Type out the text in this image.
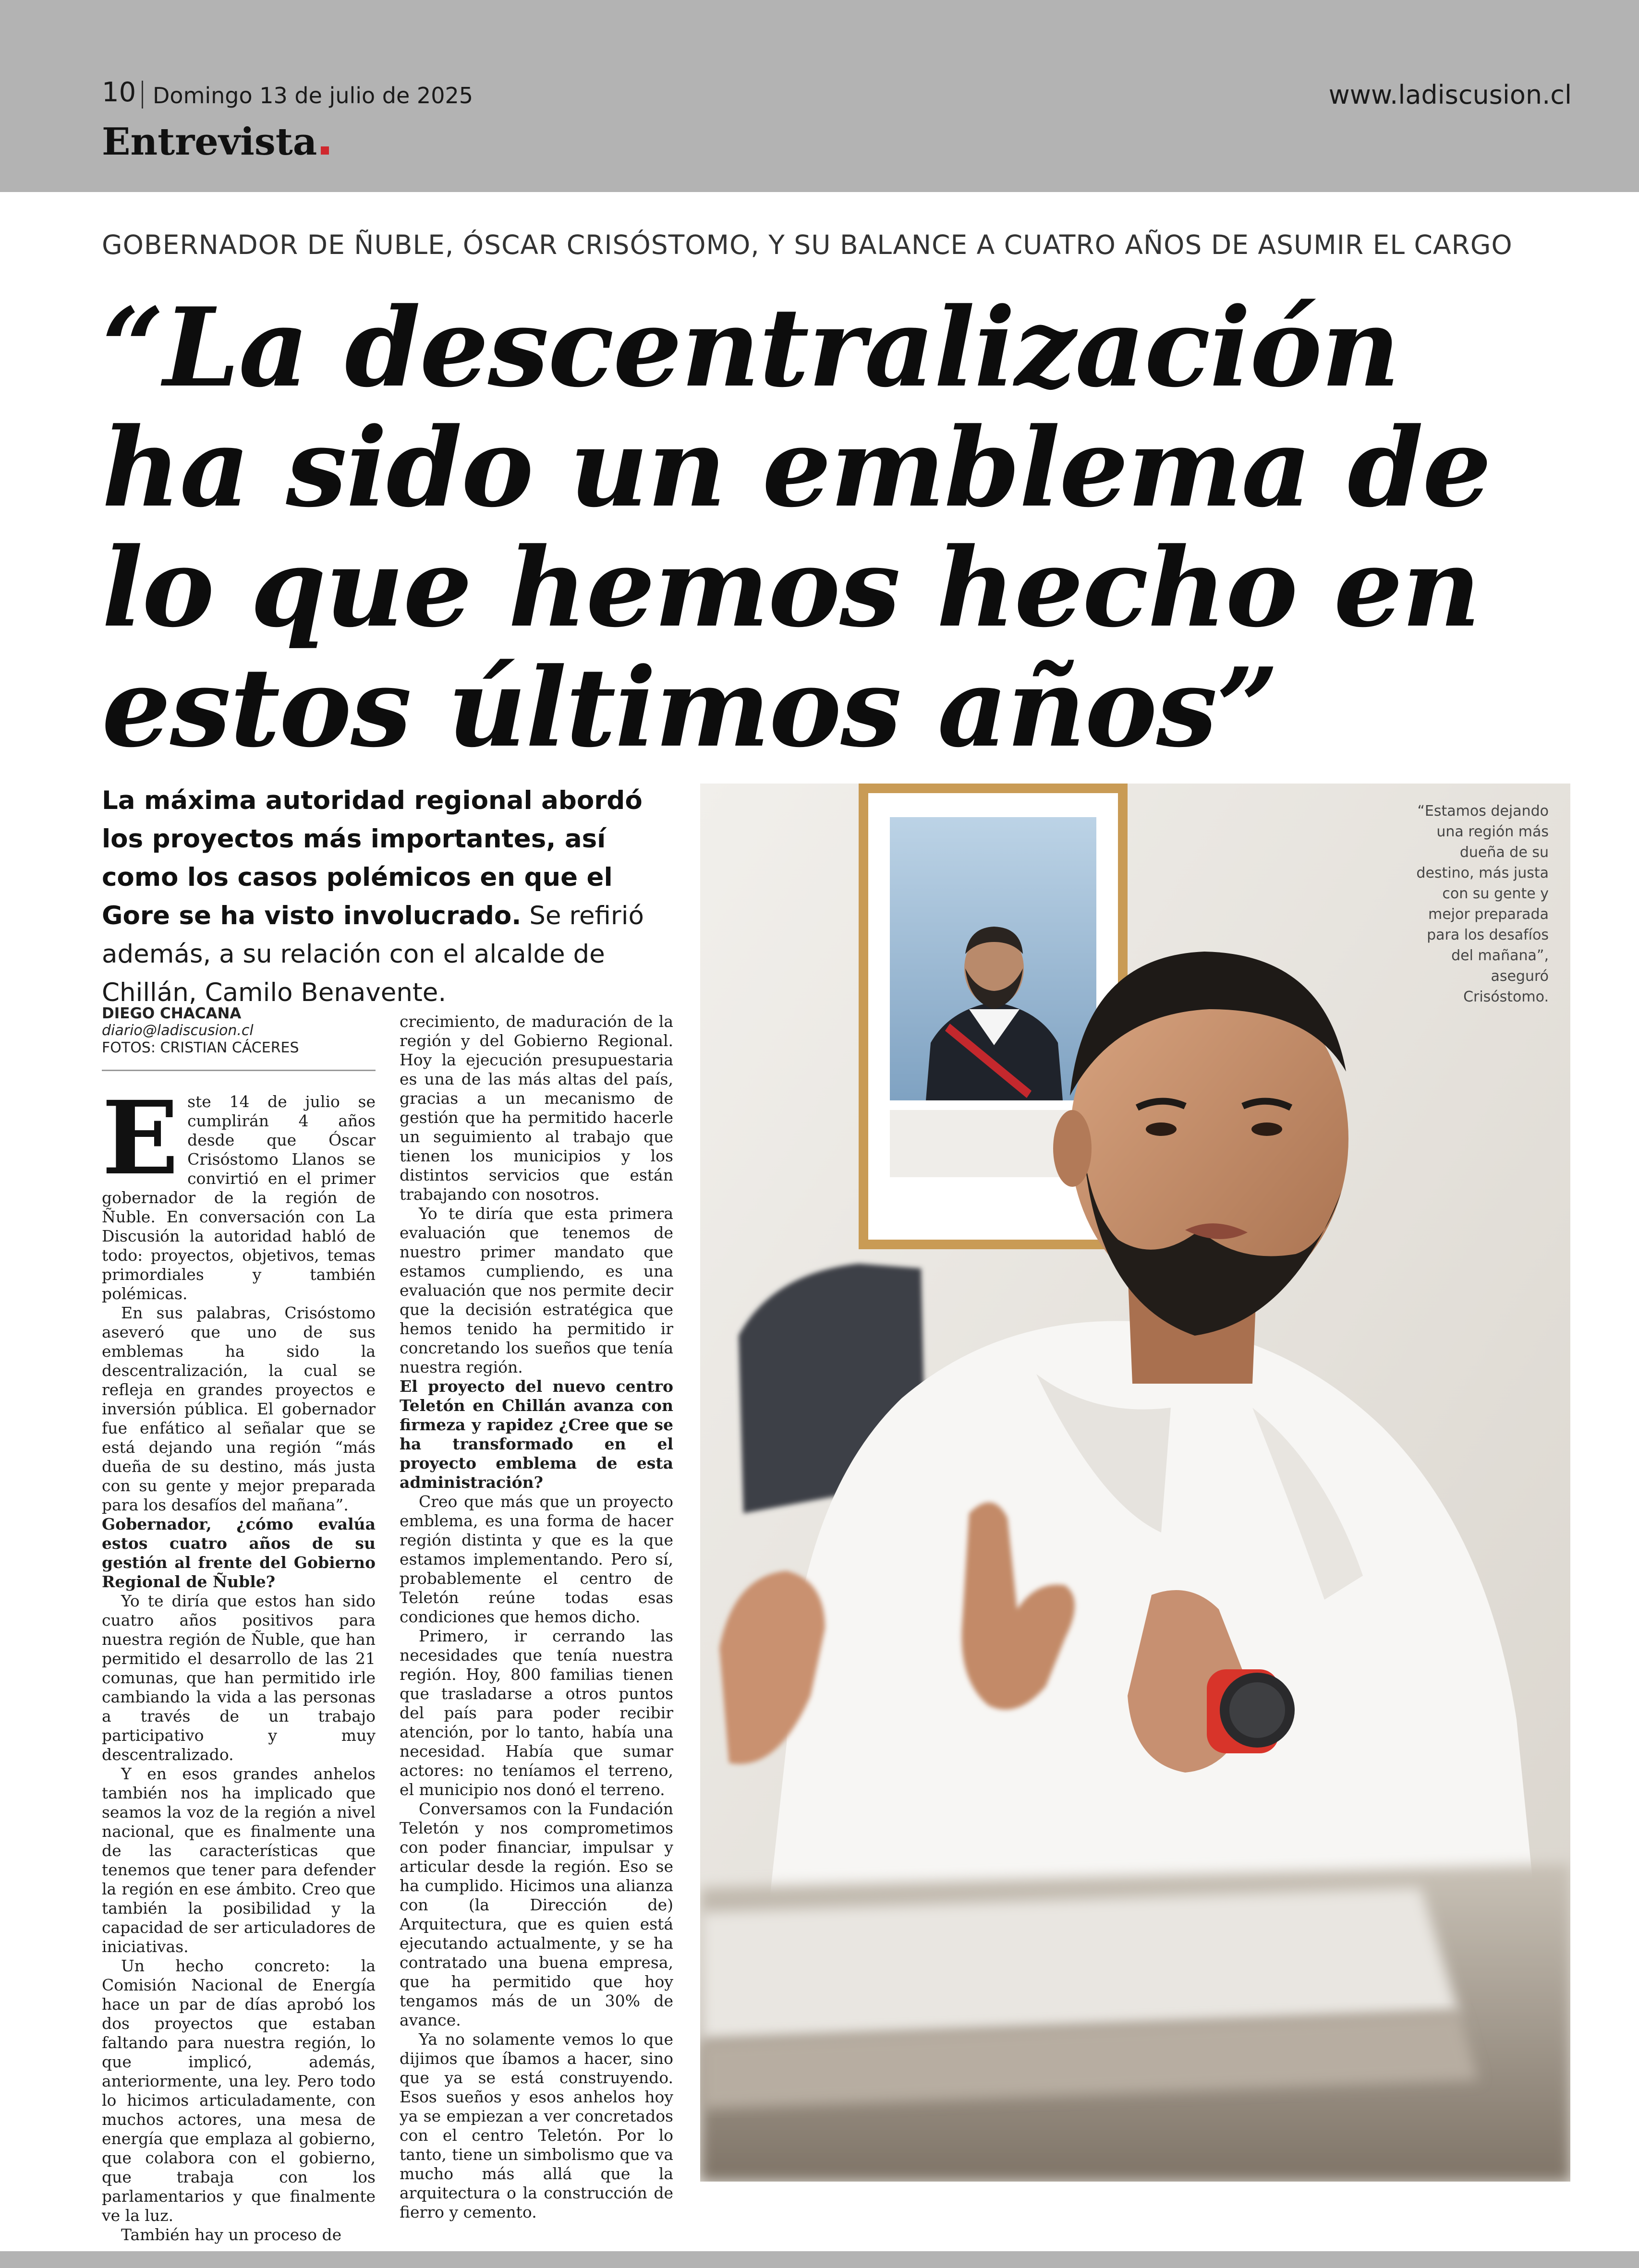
10 Domingo 13 de julio de 2025	www.ladiscusion.cl
Entrevista
GOBERNADOR DE ÑUBLE, ÓSCAR CRISÓSTOMO, Y SU BALANCE A CUATRO AÑOS DE ASUMIR EL CARGO
“La descentralización
ha sido un emblema de
lo que hemos hecho en
estos últimos años”
La máxima autoridad regional abordó los proyectos más importantes, así como los casos polémicos en que el Gore se ha visto involucrado. Se refirió además, a su relación con el alcalde de Chillán, Camilo Benavente.
DIEGO CHACANA
diario@ladiscusion.cl
FOTOS: CRISTIAN CÁCERES
E ste 14 de julio se cumplirán 4 años desde que Óscar Crisóstomo Llanos se convirtió en el primer gobernador de la región de Ñuble. En conversación con La Discusión la autoridad habló de todo: proyectos, objetivos, temas primordiales y también polémicas.

En sus palabras, Crisóstomo aseveró que uno de sus emblemas ha sido la descentralización, la cual se refleja en grandes proyectos e inversión pública. El gobernador fue enfático al señalar que se está dejando una región “más dueña de su destino, más justa con su gente y mejor preparada para los desafíos del mañana”.

Gobernador, ¿cómo evalúa estos cuatro años de su gestión al frente del Gobierno Regional de Ñuble?

Yo te diría que estos han sido cuatro años positivos para nuestra región de Ñuble, que han permitido el desarrollo de las 21 comunas, que han permitido irle cambiando la vida a las personas a través de un trabajo participativo y muy descentralizado.

Y en esos grandes anhelos también nos ha implicado que seamos la voz de la región a nivel nacional, que es finalmente una de las características que tenemos que tener para defender la región en ese ámbito. Creo que también la posibilidad y la capacidad de ser articuladores de iniciativas.

Un hecho concreto: la Comisión Nacional de Energía hace un par de días aprobó los dos proyectos que estaban faltando para nuestra región, lo que implicó, además, anteriormente, una ley. Pero todo lo hicimos articuladamente, con muchos actores, una mesa de energía que emplaza al gobierno, que colabora con el gobierno, que trabaja con los parlamentarios y que finalmente ve la luz.

También hay un proceso de

crecimiento, de maduración de la región y del Gobierno Regional. Hoy la ejecución presupuestaria es una de las más altas del país, gracias a un mecanismo de gestión que ha permitido hacerle un seguimiento al trabajo que tienen los municipios y los distintos servicios que están trabajando con nosotros.

Yo te diría que esta primera evaluación que tenemos de nuestro primer mandato que estamos cumpliendo, es una evaluación que nos permite decir que la decisión estratégica que hemos tenido ha permitido ir concretando los sueños que tenía nuestra región.

El proyecto del nuevo centro Teletón en Chillán avanza con firmeza y rapidez ¿Cree que se ha transformado en el proyecto emblema de esta administración?

Creo que más que un proyecto emblema, es una forma de hacer región distinta y que es la que estamos implementando. Pero sí, probablemente el centro de Teletón reúne todas esas condiciones que hemos dicho.

Primero, ir cerrando las necesidades que tenía nuestra región. Hoy, 800 familias tienen que trasladarse a otros puntos del país para poder recibir atención, por lo tanto, había una necesidad. Había que sumar actores: no teníamos el terreno, el municipio nos donó el terreno.

Conversamos con la Fundación Teletón y nos comprometimos con poder financiar, impulsar y articular desde la región. Eso se ha cumplido. Hicimos una alianza con (la Dirección de) Arquitectura, que es quien está ejecutando actualmente, y se ha contratado una buena empresa, que ha permitido que hoy tengamos más de un 30% de avance.

Ya no solamente vemos lo que dijimos que íbamos a hacer, sino que ya se está construyendo. Esos sueños y esos anhelos hoy ya se empiezan a ver concretados con el centro Teletón. Por lo tanto, tiene un simbolismo que va mucho más allá que la arquitectura o la construcción de fierro y cemento.

“Estamos dejando una región más dueña de su destino, más justa con su gente y mejor preparada para los desafíos del mañana”, aseguró Crisóstomo.
